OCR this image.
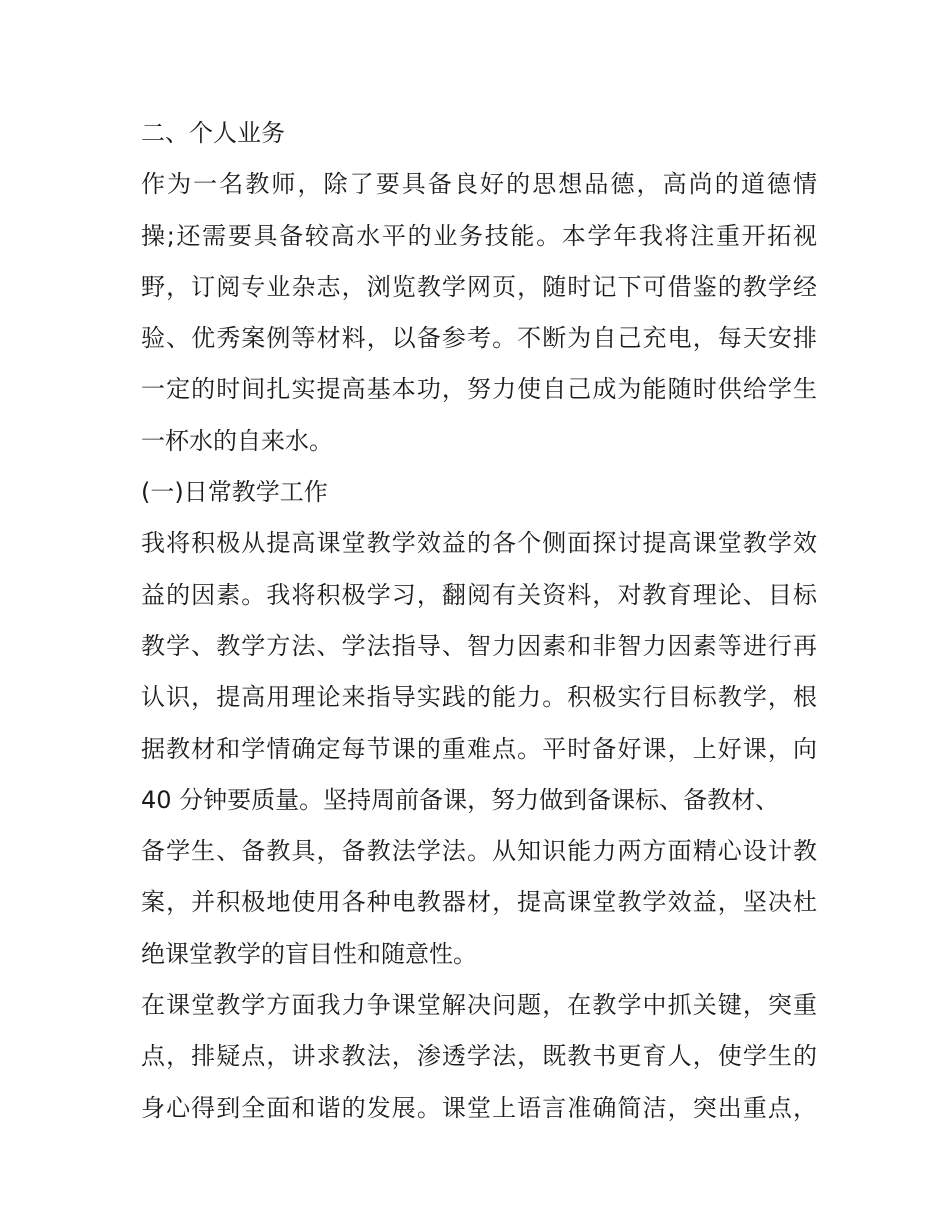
二、个人业务
作为一名教师，除了要具备良好的思想品德，高尚的道德情
操;还需要具备较高水平的业务技能。本学年我将注重开拓视
野，订阅专业杂志，浏览教学网页，随时记下可借鉴的教学经
验、优秀案例等材料，以备参考。不断为自己充电，每天安排
一定的时间扎实提高基本功，努力使自己成为能随时供给学生
一杯水的自来水。
(一)日常教学工作
我将积极从提高课堂教学效益的各个侧面探讨提高课堂教学效
益的因素。我将积极学习，翻阅有关资料，对教育理论、目标
教学、教学方法、学法指导、智力因素和非智力因素等进行再
认识，提高用理论来指导实践的能力。积极实行目标教学，根
据教材和学情确定每节课的重难点。平时备好课，上好课，向
40 分钟要质量。坚持周前备课，努力做到备课标、备教材、
备学生、备教具，备教法学法。从知识能力两方面精心设计教
案，并积极地使用各种电教器材，提高课堂教学效益，坚决杜
绝课堂教学的盲目性和随意性。
在课堂教学方面我力争课堂解决问题，在教学中抓关键，突重
点，排疑点，讲求教法，渗透学法，既教书更育人，使学生的
身心得到全面和谐的发展。课堂上语言准确简洁，突出重点，
